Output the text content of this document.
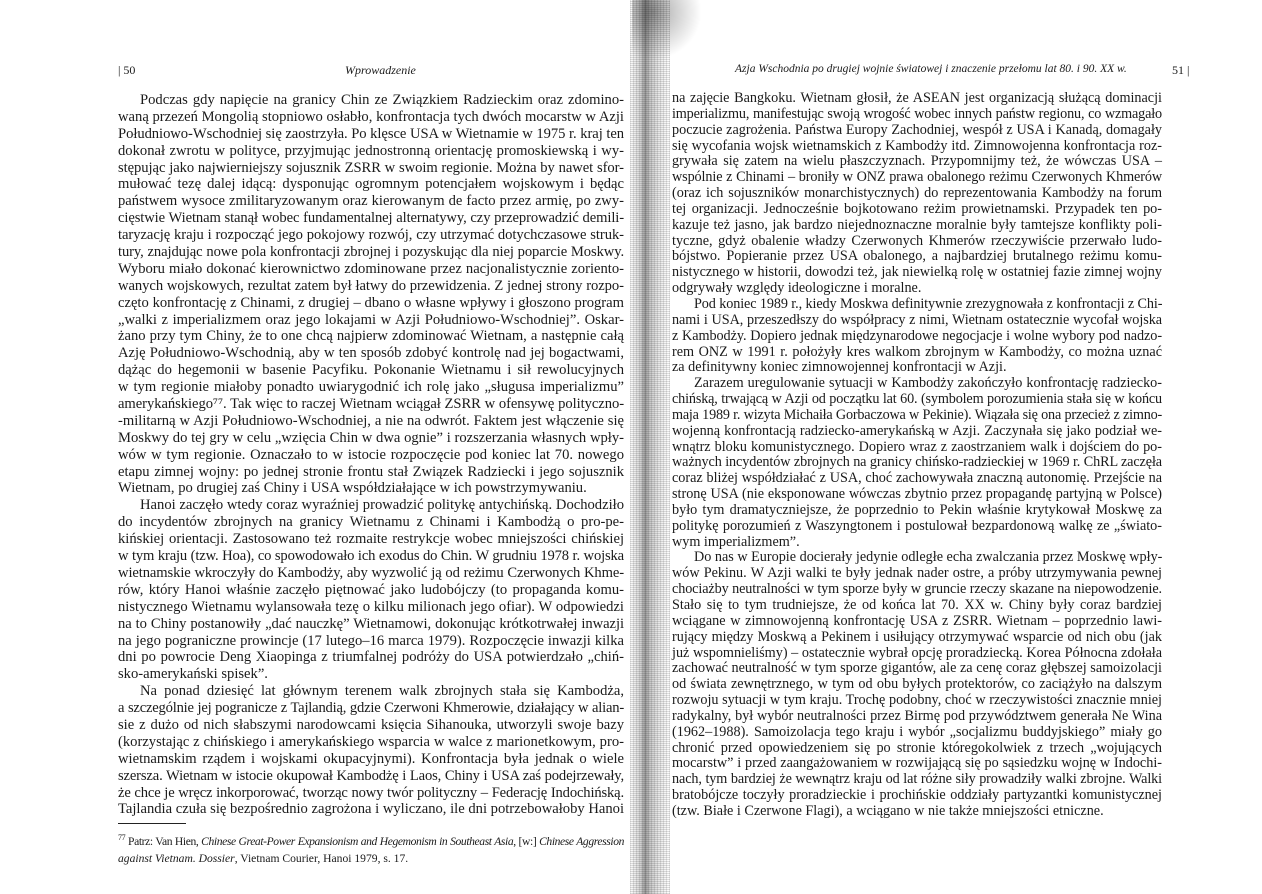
| 50	Wprowadzenie	Azja Wschodnia po drugiej wojnie światowej i znaczenie przełomu lat 80. i 90. XX w.	51 |
Podczas gdy napięcie na granicy Chin ze Związkiem Radzieckim oraz zdomino-
waną przezeń Mongolią stopniowo osłabło, konfrontacja tych dwóch mocarstw w Azji
Południowo-Wschodniej się zaostrzyła. Po klęsce USA w Wietnamie w 1975 r. kraj ten
dokonał zwrotu w polityce, przyjmując jednostronną orientację promoskiewską i wy-
stępując jako najwierniejszy sojusznik ZSRR w swoim regionie. Można by nawet sfor-
mułować tezę dalej idącą: dysponując ogromnym potencjałem wojskowym i będąc
państwem wysoce zmilitaryzowanym oraz kierowanym de facto przez armię, po zwy-
cięstwie Wietnam stanął wobec fundamentalnej alternatywy, czy przeprowadzić demili-
taryzację kraju i rozpocząć jego pokojowy rozwój, czy utrzymać dotychczasowe struk-
tury, znajdując nowe pola konfrontacji zbrojnej i pozyskując dla niej poparcie Moskwy.
Wyboru miało dokonać kierownictwo zdominowane przez nacjonalistycznie zoriento-
wanych wojskowych, rezultat zatem był łatwy do przewidzenia. Z jednej strony rozpo-
częto konfrontację z Chinami, z drugiej – dbano o własne wpływy i głoszono program
„walki z imperializmem oraz jego lokajami w Azji Południowo-Wschodniej”. Oskar-
żano przy tym Chiny, że to one chcą najpierw zdominować Wietnam, a następnie całą
Azję Południowo-Wschodnią, aby w ten sposób zdobyć kontrolę nad jej bogactwami,
dążąc do hegemonii w basenie Pacyfiku. Pokonanie Wietnamu i sił rewolucyjnych
w tym regionie miałoby ponadto uwiarygodnić ich rolę jako „sługusa imperializmu”
amerykańskiego⁷⁷. Tak więc to raczej Wietnam wciągał ZSRR w ofensywę polityczno-
-militarną w Azji Południowo-Wschodniej, a nie na odwrót. Faktem jest włączenie się
Moskwy do tej gry w celu „wzięcia Chin w dwa ognie” i rozszerzania własnych wpły-
wów w tym regionie. Oznaczało to w istocie rozpoczęcie pod koniec lat 70. nowego
etapu zimnej wojny: po jednej stronie frontu stał Związek Radziecki i jego sojusznik
Wietnam, po drugiej zaś Chiny i USA współdziałające w ich powstrzymywaniu.
Hanoi zaczęło wtedy coraz wyraźniej prowadzić politykę antychińską. Dochodziło
do incydentów zbrojnych na granicy Wietnamu z Chinami i Kambodżą o pro-pe-
kińskiej orientacji. Zastosowano też rozmaite restrykcje wobec mniejszości chińskiej
w tym kraju (tzw. Hoa), co spowodowało ich exodus do Chin. W grudniu 1978 r. wojska
wietnamskie wkroczyły do Kambodży, aby wyzwolić ją od reżimu Czerwonych Khme-
rów, który Hanoi właśnie zaczęło piętnować jako ludobójczy (to propaganda komu-
nistycznego Wietnamu wylansowała tezę o kilku milionach jego ofiar). W odpowiedzi
na to Chiny postanowiły „dać nauczkę” Wietnamowi, dokonując krótkotrwałej inwazji
na jego pograniczne prowincje (17 lutego–16 marca 1979). Rozpoczęcie inwazji kilka
dni po powrocie Deng Xiaopinga z triumfalnej podróży do USA potwierdzało „chiń-
sko-amerykański spisek”.
Na ponad dziesięć lat głównym terenem walk zbrojnych stała się Kambodża,
a szczególnie jej pogranicze z Tajlandią, gdzie Czerwoni Khmerowie, działający w alian-
sie z dużo od nich słabszymi narodowcami księcia Sihanouka, utworzyli swoje bazy
(korzystając z chińskiego i amerykańskiego wsparcia w walce z marionetkowym, pro-
wietnamskim rządem i wojskami okupacyjnymi). Konfrontacja była jednak o wiele
szersza. Wietnam w istocie okupował Kambodżę i Laos, Chiny i USA zaś podejrzewały,
że chce je wręcz inkorporować, tworząc nowy twór polityczny – Federację Indochińską.
Tajlandia czuła się bezpośrednio zagrożona i wyliczano, ile dni potrzebowałoby Hanoi
na zajęcie Bangkoku. Wietnam głosił, że ASEAN jest organizacją służącą dominacji
imperializmu, manifestując swoją wrogość wobec innych państw regionu, co wzmagało
poczucie zagrożenia. Państwa Europy Zachodniej, wespół z USA i Kanadą, domagały
się wycofania wojsk wietnamskich z Kambodży itd. Zimnowojenna konfrontacja roz-
grywała się zatem na wielu płaszczyznach. Przypomnijmy też, że wówczas USA –
wspólnie z Chinami – broniły w ONZ prawa obalonego reżimu Czerwonych Khmerów
(oraz ich sojuszników monarchistycznych) do reprezentowania Kambodży na forum
tej organizacji. Jednocześnie bojkotowano reżim prowietnamski. Przypadek ten po-
kazuje też jasno, jak bardzo niejednoznaczne moralnie były tamtejsze konflikty poli-
tyczne, gdyż obalenie władzy Czerwonych Khmerów rzeczywiście przerwało ludo-
bójstwo. Popieranie przez USA obalonego, a najbardziej brutalnego reżimu komu-
nistycznego w historii, dowodzi też, jak niewielką rolę w ostatniej fazie zimnej wojny
odgrywały względy ideologiczne i moralne.
Pod koniec 1989 r., kiedy Moskwa definitywnie zrezygnowała z konfrontacji z Chi-
nami i USA, przeszedłszy do współpracy z nimi, Wietnam ostatecznie wycofał wojska
z Kambodży. Dopiero jednak międzynarodowe negocjacje i wolne wybory pod nadzo-
rem ONZ w 1991 r. położyły kres walkom zbrojnym w Kambodży, co można uznać
za definitywny koniec zimnowojennej konfrontacji w Azji.
Zarazem uregulowanie sytuacji w Kambodży zakończyło konfrontację radziecko-
chińską, trwającą w Azji od początku lat 60. (symbolem porozumienia stała się w końcu
maja 1989 r. wizyta Michaiła Gorbaczowa w Pekinie). Wiązała się ona przecież z zimno-
wojenną konfrontacją radziecko-amerykańską w Azji. Zaczynała się jako podział we-
wnątrz bloku komunistycznego. Dopiero wraz z zaostrzaniem walk i dojściem do po-
ważnych incydentów zbrojnych na granicy chińsko-radzieckiej w 1969 r. ChRL zaczęła
coraz bliżej współdziałać z USA, choć zachowywała znaczną autonomię. Przejście na
stronę USA (nie eksponowane wówczas zbytnio przez propagandę partyjną w Polsce)
było tym dramatyczniejsze, że poprzednio to Pekin właśnie krytykował Moskwę za
politykę porozumień z Waszyngtonem i postulował bezpardonową walkę ze „świato-
wym imperializmem”.
Do nas w Europie docierały jedynie odległe echa zwalczania przez Moskwę wpły-
wów Pekinu. W Azji walki te były jednak nader ostre, a próby utrzymywania pewnej
chociażby neutralności w tym sporze były w gruncie rzeczy skazane na niepowodzenie.
Stało się to tym trudniejsze, że od końca lat 70. XX w. Chiny były coraz bardziej
wciągane w zimnowojenną konfrontację USA z ZSRR. Wietnam – poprzednio lawi-
rujący między Moskwą a Pekinem i usiłujący otrzymywać wsparcie od nich obu (jak
już wspomnieliśmy) – ostatecznie wybrał opcję proradziecką. Korea Północna zdołała
zachować neutralność w tym sporze gigantów, ale za cenę coraz głębszej samoizolacji
od świata zewnętrznego, w tym od obu byłych protektorów, co zaciążyło na dalszym
rozwoju sytuacji w tym kraju. Trochę podobny, choć w rzeczywistości znacznie mniej
radykalny, był wybór neutralności przez Birmę pod przywództwem generała Ne Wina
(1962–1988). Samoizolacja tego kraju i wybór „socjalizmu buddyjskiego” miały go
chronić przed opowiedzeniem się po stronie któregokolwiek z trzech „wojujących
mocarstw” i przed zaangażowaniem w rozwijającą się po sąsiedzku wojnę w Indochi-
nach, tym bardziej że wewnątrz kraju od lat różne siły prowadziły walki zbrojne. Walki
bratobójcze toczyły proradzieckie i prochińskie oddziały partyzantki komunistycznej
(tzw. Białe i Czerwone Flagi), a wciągano w nie także mniejszości etniczne.
$^{77}$ Patrz: Van Hien, Chinese Great-Power Expansionism and Hegemonism in Southeast Asia, [w:] Chinese Aggression
against Vietnam. Dossier, Vietnam Courier, Hanoi 1979, s. 17.
